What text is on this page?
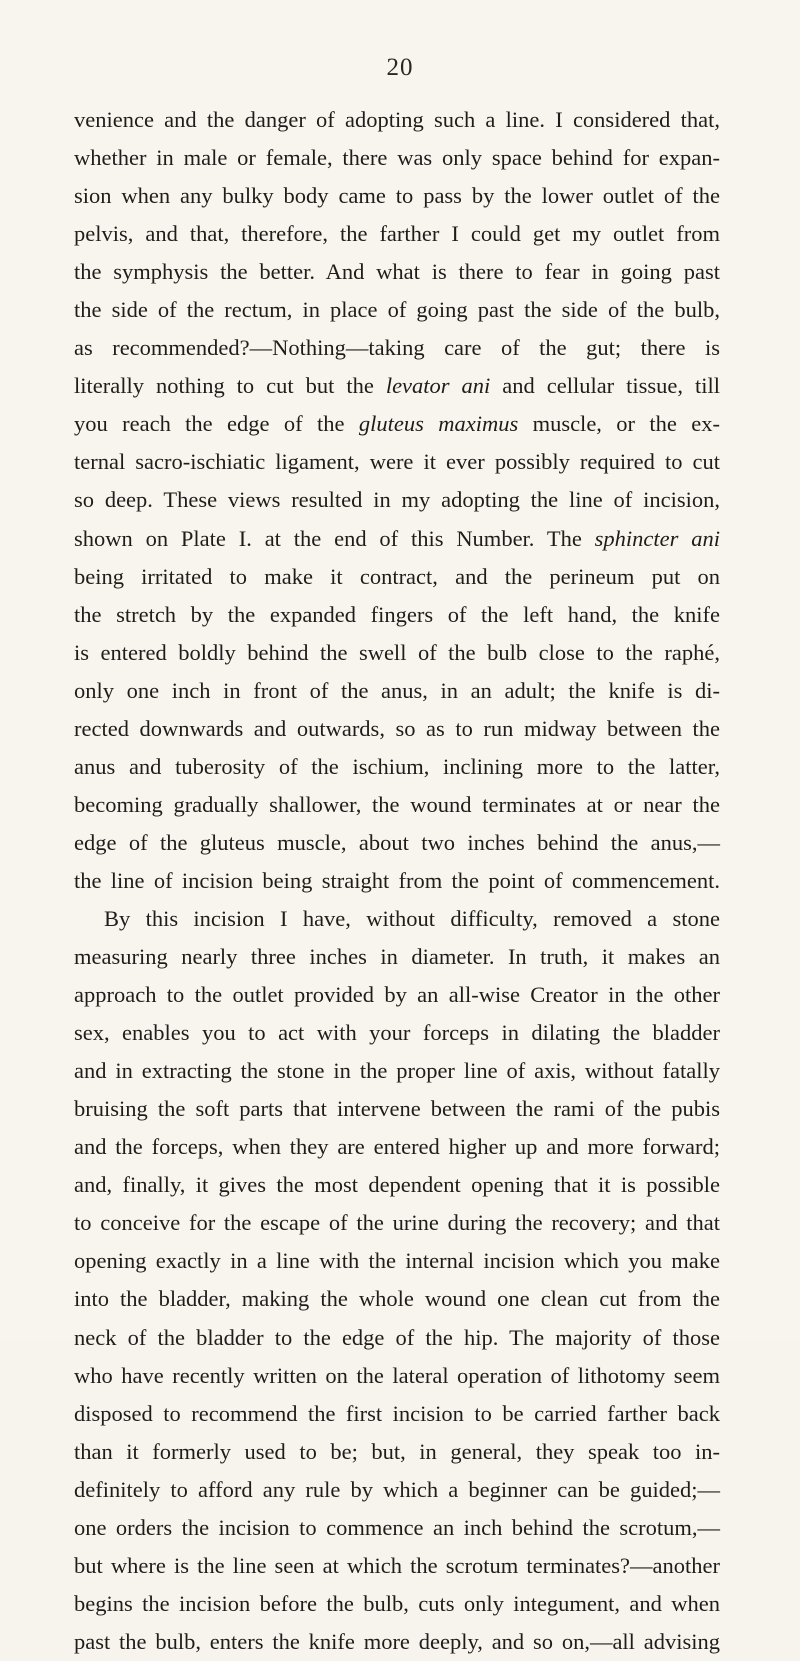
20
venience and the danger of adopting such a line. I considered that,
whether in male or female, there was only space behind for expan-
sion when any bulky body came to pass by the lower outlet of the
pelvis, and that, therefore, the farther I could get my outlet from
the symphysis the better. And what is there to fear in going past
the side of the rectum, in place of going past the side of the bulb,
as recommended?—Nothing—taking care of the gut; there is
literally nothing to cut but the levator ani and cellular tissue, till
you reach the edge of the gluteus maximus muscle, or the ex-
ternal sacro-ischiatic ligament, were it ever possibly required to cut
so deep. These views resulted in my adopting the line of incision,
shown on Plate I. at the end of this Number. The sphincter ani
being irritated to make it contract, and the perineum put on
the stretch by the expanded fingers of the left hand, the knife
is entered boldly behind the swell of the bulb close to the raphé,
only one inch in front of the anus, in an adult; the knife is di-
rected downwards and outwards, so as to run midway between the
anus and tuberosity of the ischium, inclining more to the latter,
becoming gradually shallower, the wound terminates at or near the
edge of the gluteus muscle, about two inches behind the anus,—
the line of incision being straight from the point of commencement.
By this incision I have, without difficulty, removed a stone
measuring nearly three inches in diameter. In truth, it makes an
approach to the outlet provided by an all-wise Creator in the other
sex, enables you to act with your forceps in dilating the bladder
and in extracting the stone in the proper line of axis, without fatally
bruising the soft parts that intervene between the rami of the pubis
and the forceps, when they are entered higher up and more forward;
and, finally, it gives the most dependent opening that it is possible
to conceive for the escape of the urine during the recovery; and that
opening exactly in a line with the internal incision which you make
into the bladder, making the whole wound one clean cut from the
neck of the bladder to the edge of the hip. The majority of those
who have recently written on the lateral operation of lithotomy seem
disposed to recommend the first incision to be carried farther back
than it formerly used to be; but, in general, they speak too in-
definitely to afford any rule by which a beginner can be guided;—
one orders the incision to commence an inch behind the scrotum,—
but where is the line seen at which the scrotum terminates?—another
begins the incision before the bulb, cuts only integument, and when
past the bulb, enters the knife more deeply, and so on,—all advising
